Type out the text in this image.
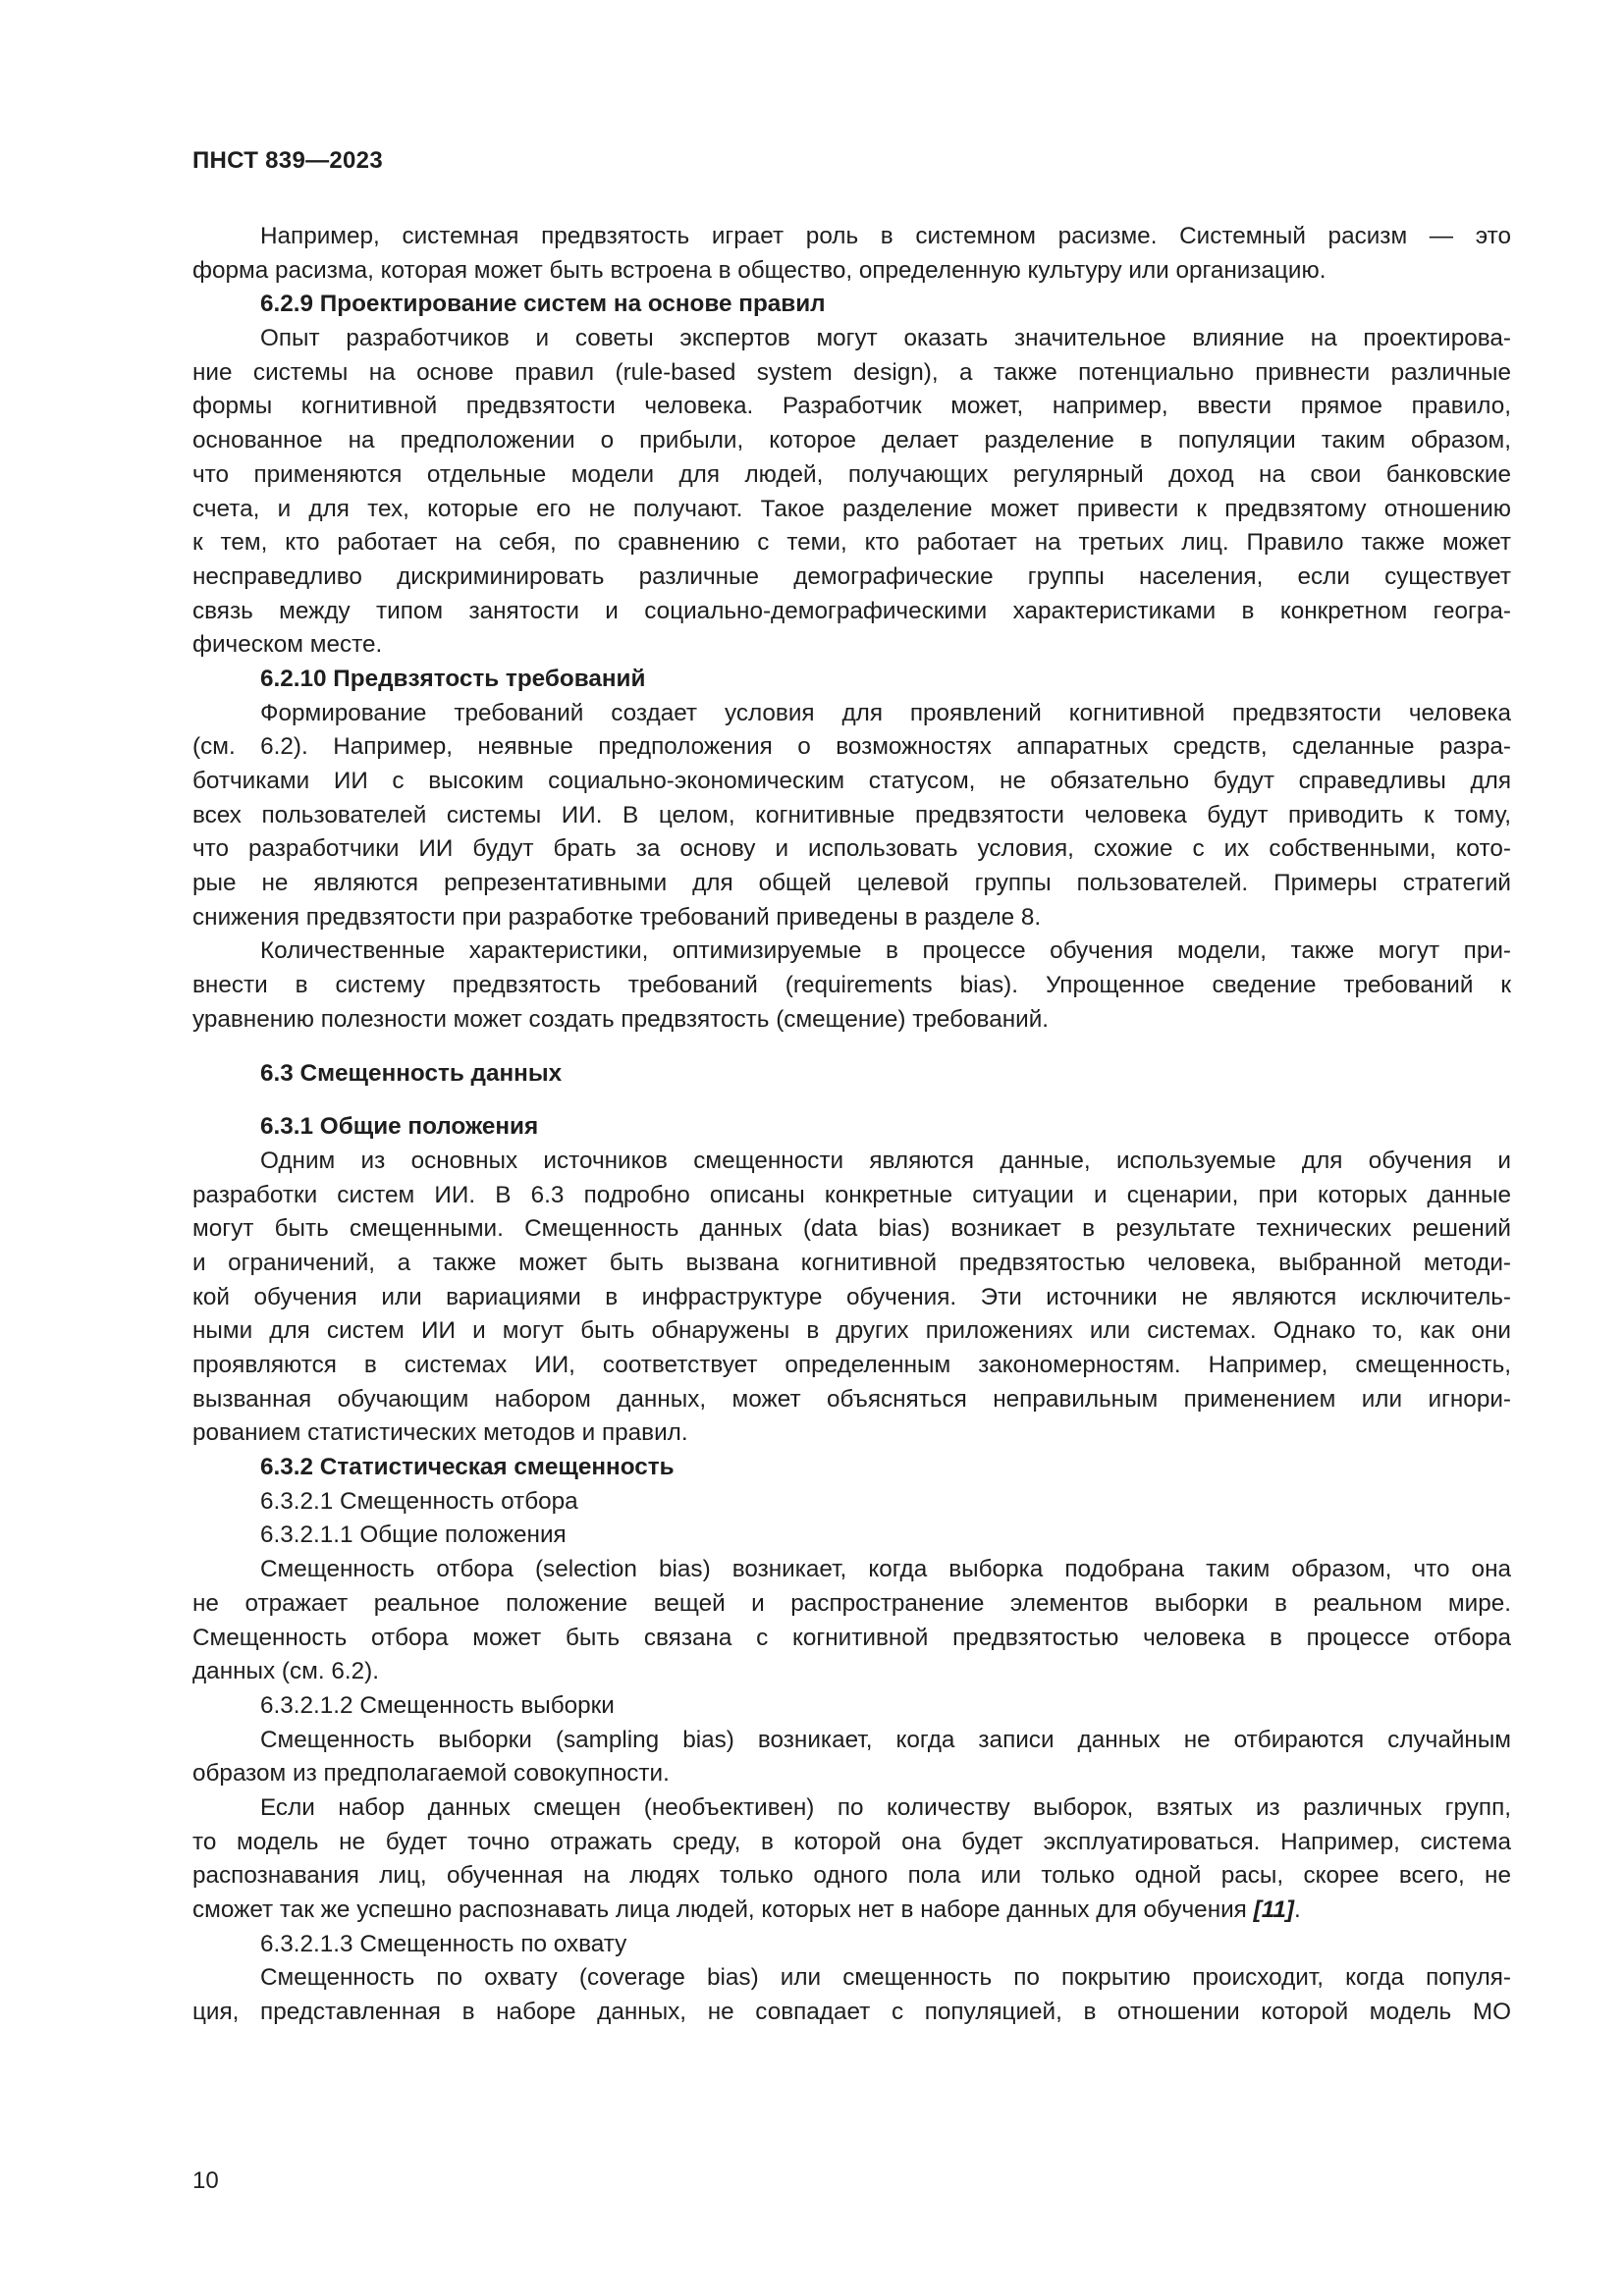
ПНСТ 839—2023
Например, системная предвзятость играет роль в системном расизме. Системный расизм — это
форма расизма, которая может быть встроена в общество, определенную культуру или организацию.
6.2.9 Проектирование систем на основе правил
Опыт разработчиков и советы экспертов могут оказать значительное влияние на проектирова-
ние системы на основе правил (rule-based system design), а также потенциально привнести различные
формы когнитивной предвзятости человека. Разработчик может, например, ввести прямое правило,
основанное на предположении о прибыли, которое делает разделение в популяции таким образом,
что применяются отдельные модели для людей, получающих регулярный доход на свои банковские
счета, и для тех, которые его не получают. Такое разделение может привести к предвзятому отношению
к тем, кто работает на себя, по сравнению с теми, кто работает на третьих лиц. Правило также может
несправедливо дискриминировать различные демографические группы населения, если существует
связь между типом занятости и социально-демографическими характеристиками в конкретном геогра-
фическом месте.
6.2.10 Предвзятость требований
Формирование требований создает условия для проявлений когнитивной предвзятости человека
(см. 6.2). Например, неявные предположения о возможностях аппаратных средств, сделанные разра-
ботчиками ИИ с высоким социально-экономическим статусом, не обязательно будут справедливы для
всех пользователей системы ИИ. В целом, когнитивные предвзятости человека будут приводить к тому,
что разработчики ИИ будут брать за основу и использовать условия, схожие с их собственными, кото-
рые не являются репрезентативными для общей целевой группы пользователей. Примеры стратегий
снижения предвзятости при разработке требований приведены в разделе 8.
Количественные характеристики, оптимизируемые в процессе обучения модели, также могут при-
внести в систему предвзятость требований (requirements bias). Упрощенное сведение требований к
уравнению полезности может создать предвзятость (смещение) требований.
6.3 Смещенность данных
6.3.1 Общие положения
Одним из основных источников смещенности являются данные, используемые для обучения и
разработки систем ИИ. В 6.3 подробно описаны конкретные ситуации и сценарии, при которых данные
могут быть смещенными. Смещенность данных (data bias) возникает в результате технических решений
и ограничений, а также может быть вызвана когнитивной предвзятостью человека, выбранной методи-
кой обучения или вариациями в инфраструктуре обучения. Эти источники не являются исключитель-
ными для систем ИИ и могут быть обнаружены в других приложениях или системах. Однако то, как они
проявляются в системах ИИ, соответствует определенным закономерностям. Например, смещенность,
вызванная обучающим набором данных, может объясняться неправильным применением или игнори-
рованием статистических методов и правил.
6.3.2 Статистическая смещенность
6.3.2.1 Смещенность отбора
6.3.2.1.1 Общие положения
Смещенность отбора (selection bias) возникает, когда выборка подобрана таким образом, что она
не отражает реальное положение вещей и распространение элементов выборки в реальном мире.
Смещенность отбора может быть связана с когнитивной предвзятостью человека в процессе отбора
данных (см. 6.2).
6.3.2.1.2 Смещенность выборки
Смещенность выборки (sampling bias) возникает, когда записи данных не отбираются случайным
образом из предполагаемой совокупности.
Если набор данных смещен (необъективен) по количеству выборок, взятых из различных групп,
то модель не будет точно отражать среду, в которой она будет эксплуатироваться. Например, система
распознавания лиц, обученная на людях только одного пола или только одной расы, скорее всего, не
сможет так же успешно распознавать лица людей, которых нет в наборе данных для обучения [11].
6.3.2.1.3 Смещенность по охвату
Смещенность по охвату (coverage bias) или смещенность по покрытию происходит, когда популя-
ция, представленная в наборе данных, не совпадает с популяцией, в отношении которой модель МО
10
